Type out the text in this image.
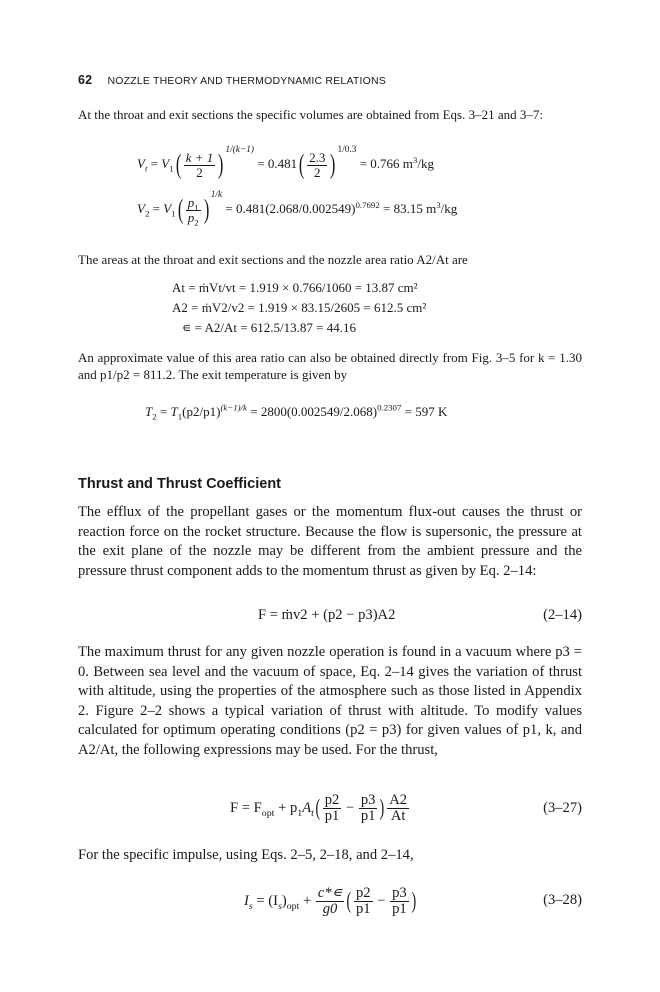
62 NOZZLE THEORY AND THERMODYNAMIC RELATIONS
At the throat and exit sections the specific volumes are obtained from Eqs. 3–21 and 3–7:
$V_t = V_1( \frac{k + 1}{2}$ ) $1/(k-1) = 0.481( \frac{2.3}{2}$ ) 1/0.3 = 0.766 $m^3/kg$
$V_2 = V_1( \frac{p_1}{p_2}$ ) $1/k = 0.481(2.068/0.002549)^{0.7692} = 83.15$ $m^3/kg$
The areas at the throat and exit sections and the nozzle area ratio A2/At are
At = ṁVt/vt = 1.919 × 0.766/1060 = 13.87 cm²
A2 = ṁV2/v2 = 1.919 × 83.15/2605 = 612.5 cm²
∊ = A2/At = 612.5/13.87 = 44.16
An approximate value of this area ratio can also be obtained directly from Fig. 3–5 for k = 1.30 and p1/p2 = 811.2. The exit temperature is given by
$T_2 = T_1(p2/p1)^{(k-1)/k} = 2800(0.002549/2.068)^{0.2307} = 597$ K
Thrust and Thrust Coefficient
The efflux of the propellant gases or the momentum flux-out causes the thrust or reaction force on the rocket structure. Because the flow is supersonic, the pressure at the exit plane of the nozzle may be different from the ambient pressure and the pressure thrust component adds to the momentum thrust as given by Eq. 2–14:
F = ṁv2 + (p2 − p3)A2	(2–14)
The maximum thrust for any given nozzle operation is found in a vacuum where p3 = 0. Between sea level and the vacuum of space, Eq. 2–14 gives the variation of thrust with altitude, using the properties of the atmosphere such as those listed in Appendix 2. Figure 2–2 shows a typical variation of thrust with altitude. To modify values calculated for optimum operating conditions (p2 = p3) for given values of p1, k, and A2/At, the following expressions may be used. For the thrust,
$F = F_{opt} + p_1A_t( \frac{p2}{p1} - \frac{p3}{p1}$ ) $\frac{A2}{At}$	(3–27)
For the specific impulse, using Eqs. 2–5, 2–18, and 2–14,
$I_s = (I_s)_{opt} + \frac{c*∊}{g0}$ ( $\frac{p2}{p1} - \frac{p3}{p1}$ )	(3–28)
